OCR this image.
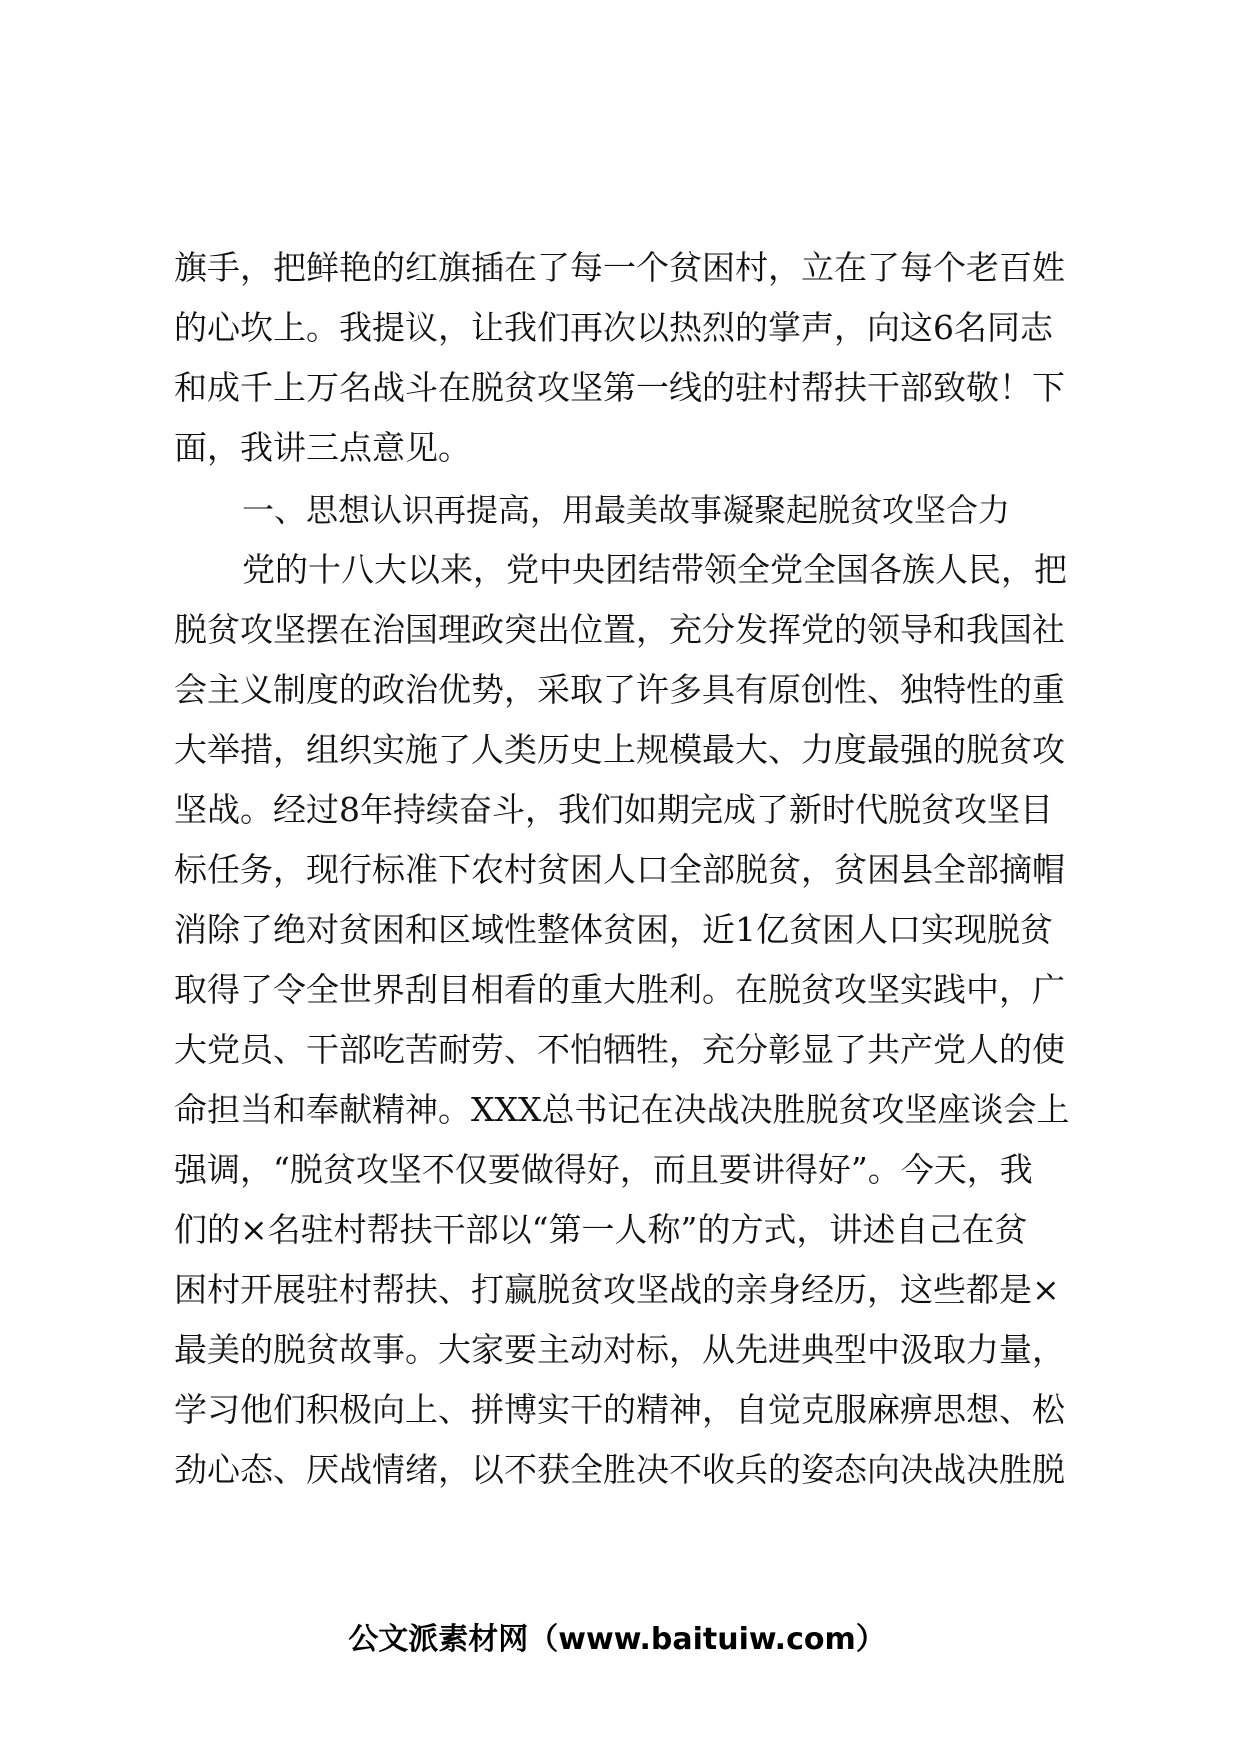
旗手，把鲜艳的红旗插在了每一个贫困村，立在了每个老百姓
的心坎上。我提议，让我们再次以热烈的掌声，向这6名同志
和成千上万名战斗在脱贫攻坚第一线的驻村帮扶干部致敬！下
面，我讲三点意见。
一、思想认识再提高，用最美故事凝聚起脱贫攻坚合力
党的十八大以来，党中央团结带领全党全国各族人民，把
脱贫攻坚摆在治国理政突出位置，充分发挥党的领导和我国社
会主义制度的政治优势，采取了许多具有原创性、独特性的重
大举措，组织实施了人类历史上规模最大、力度最强的脱贫攻
坚战。经过8年持续奋斗，我们如期完成了新时代脱贫攻坚目
标任务，现行标准下农村贫困人口全部脱贫，贫困县全部摘帽
消除了绝对贫困和区域性整体贫困，近1亿贫困人口实现脱贫
取得了令全世界刮目相看的重大胜利。在脱贫攻坚实践中，广
大党员、干部吃苦耐劳、不怕牺牲，充分彰显了共产党人的使
命担当和奉献精神。XXX总书记在决战决胜脱贫攻坚座谈会上
强调，“脱贫攻坚不仅要做得好，而且要讲得好”。今天，我
们的×名驻村帮扶干部以“第一人称”的方式，讲述自己在贫
困村开展驻村帮扶、打赢脱贫攻坚战的亲身经历，这些都是×
最美的脱贫故事。大家要主动对标，从先进典型中汲取力量，
学习他们积极向上、拼博实干的精神，自觉克服麻痹思想、松
劲心态、厌战情绪，以不获全胜决不收兵的姿态向决战决胜脱
公文派素材网（www.baituiw.com）
